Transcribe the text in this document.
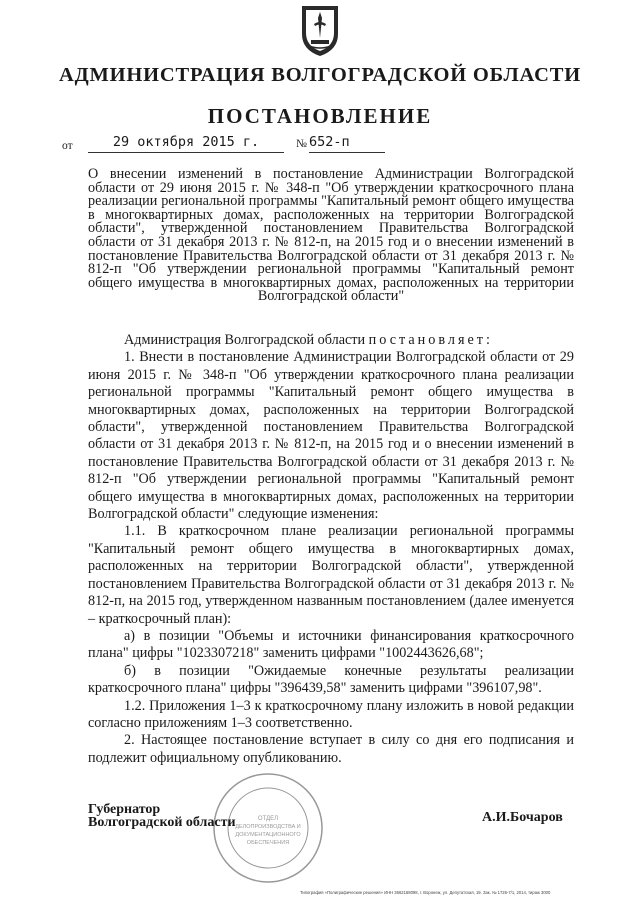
АДМИНИСТРАЦИЯ ВОЛГОГРАДСКОЙ ОБЛАСТИ
ПОСТАНОВЛЕНИЕ
от	29 октября 2015 г.	№ 652-п
О внесении изменений в постановление Администрации Волгоградской области от 29 июня 2015 г. № 348-п "Об утверждении краткосрочного плана реализации региональной программы "Капитальный ремонт общего имущества в многоквартирных домах, расположенных на территории Волгоградской области", утвержденной постановлением Правительства Волгоградской области от 31 декабря 2013 г. № 812-п, на 2015 год и о внесении изменений в постановление Правительства Волгоградской области от 31 декабря 2013 г. № 812-п "Об утверждении региональной программы "Капитальный ремонт общего имущества в многоквартирных домах, расположенных на территории Волгоградской области"

Администрация Волгоградской области постановляет:

1. Внести в постановление Администрации Волгоградской области от 29 июня 2015 г. № 348-п "Об утверждении краткосрочного плана реализации региональной программы "Капитальный ремонт общего имущества в многоквартирных домах, расположенных на территории Волгоградской области", утвержденной постановлением Правительства Волгоградской области от 31 декабря 2013 г. № 812-п, на 2015 год и о внесении изменений в постановление Правительства Волгоградской области от 31 декабря 2013 г. № 812-п "Об утверждении региональной программы "Капитальный ремонт общего имущества в многоквартирных домах, расположенных на территории Волгоградской области" следующие изменения:

1.1. В краткосрочном плане реализации региональной программы "Капитальный ремонт общего имущества в многоквартирных домах, расположенных на территории Волгоградской области", утвержденной постановлением Правительства Волгоградской области от 31 декабря 2013 г. № 812-п, на 2015 год, утвержденном названным постановлением (далее именуется – краткосрочный план):

а) в позиции "Объемы и источники финансирования краткосрочного плана" цифры "1023307218" заменить цифрами "1002443626,68";

б) в позиции "Ожидаемые конечные результаты реализации краткосрочного плана" цифры "396439,58" заменить цифрами "396107,98".

1.2. Приложения 1–3 к краткосрочному плану изложить в новой редакции согласно приложениям 1–3 соответственно.

2. Настоящее постановление вступает в силу со дня его подписания и подлежит официальному опубликованию.

ОТДЕЛ
ДЕЛОПРОИЗВОДСТВА И
ДОКУМЕНТАЦИОННОГО
ОБЕСПЕЧЕНИЯ
Губернатор
Волгоградской области	А.И.Бочаров
Типография «Полиграфические решения» ИНН 3662168098, г. Воронеж, ул. Депутатская, 19. Зак. № 1726-7/1, 2014, тираж 3000
